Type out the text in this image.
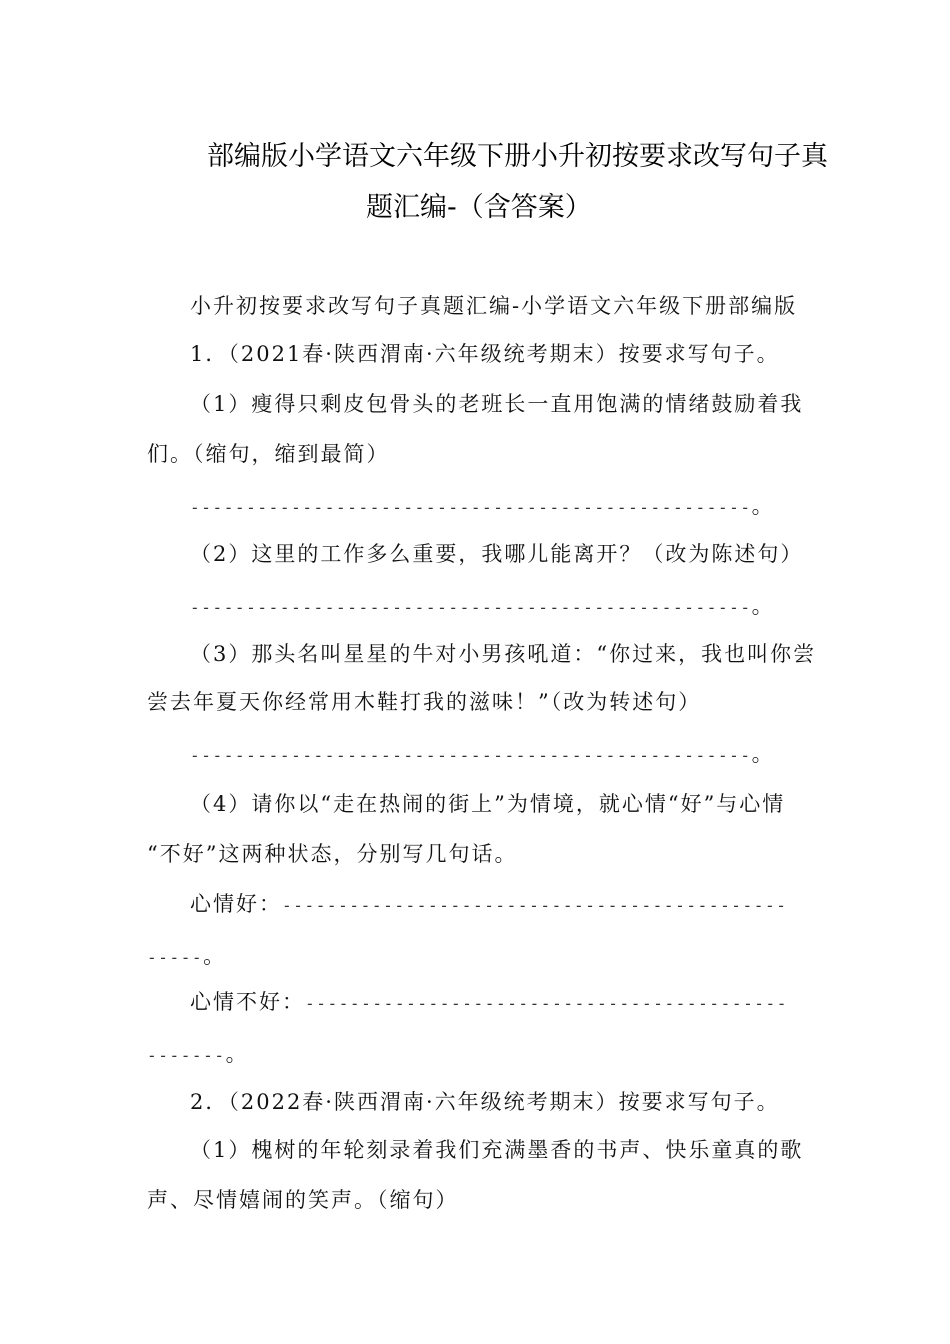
部编版小学语文六年级下册小升初按要求改写句子真
题汇编-（含答案）
小升初按要求改写句子真题汇编-小学语文六年级下册部编版
1．（2021春·陕西渭南·六年级统考期末）按要求写句子。
（1）瘦得只剩皮包骨头的老班长一直用饱满的情绪鼓励着我
们。（缩句，缩到最简）
--------------------------------------------------。
（2）这里的工作多么重要，我哪儿能离开？（改为陈述句）
--------------------------------------------------。
（3）那头名叫星星的牛对小男孩吼道：“你过来，我也叫你尝
尝去年夏天你经常用木鞋打我的滋味！”（改为转述句）
--------------------------------------------------。
（4）请你以“走在热闹的街上”为情境，就心情“好”与心情
“不好”这两种状态，分别写几句话。
心情好：---------------------------------------------
-----。
心情不好：-------------------------------------------
-------。
2．（2022春·陕西渭南·六年级统考期末）按要求写句子。
（1）槐树的年轮刻录着我们充满墨香的书声、快乐童真的歌
声、尽情嬉闹的笑声。（缩句）
